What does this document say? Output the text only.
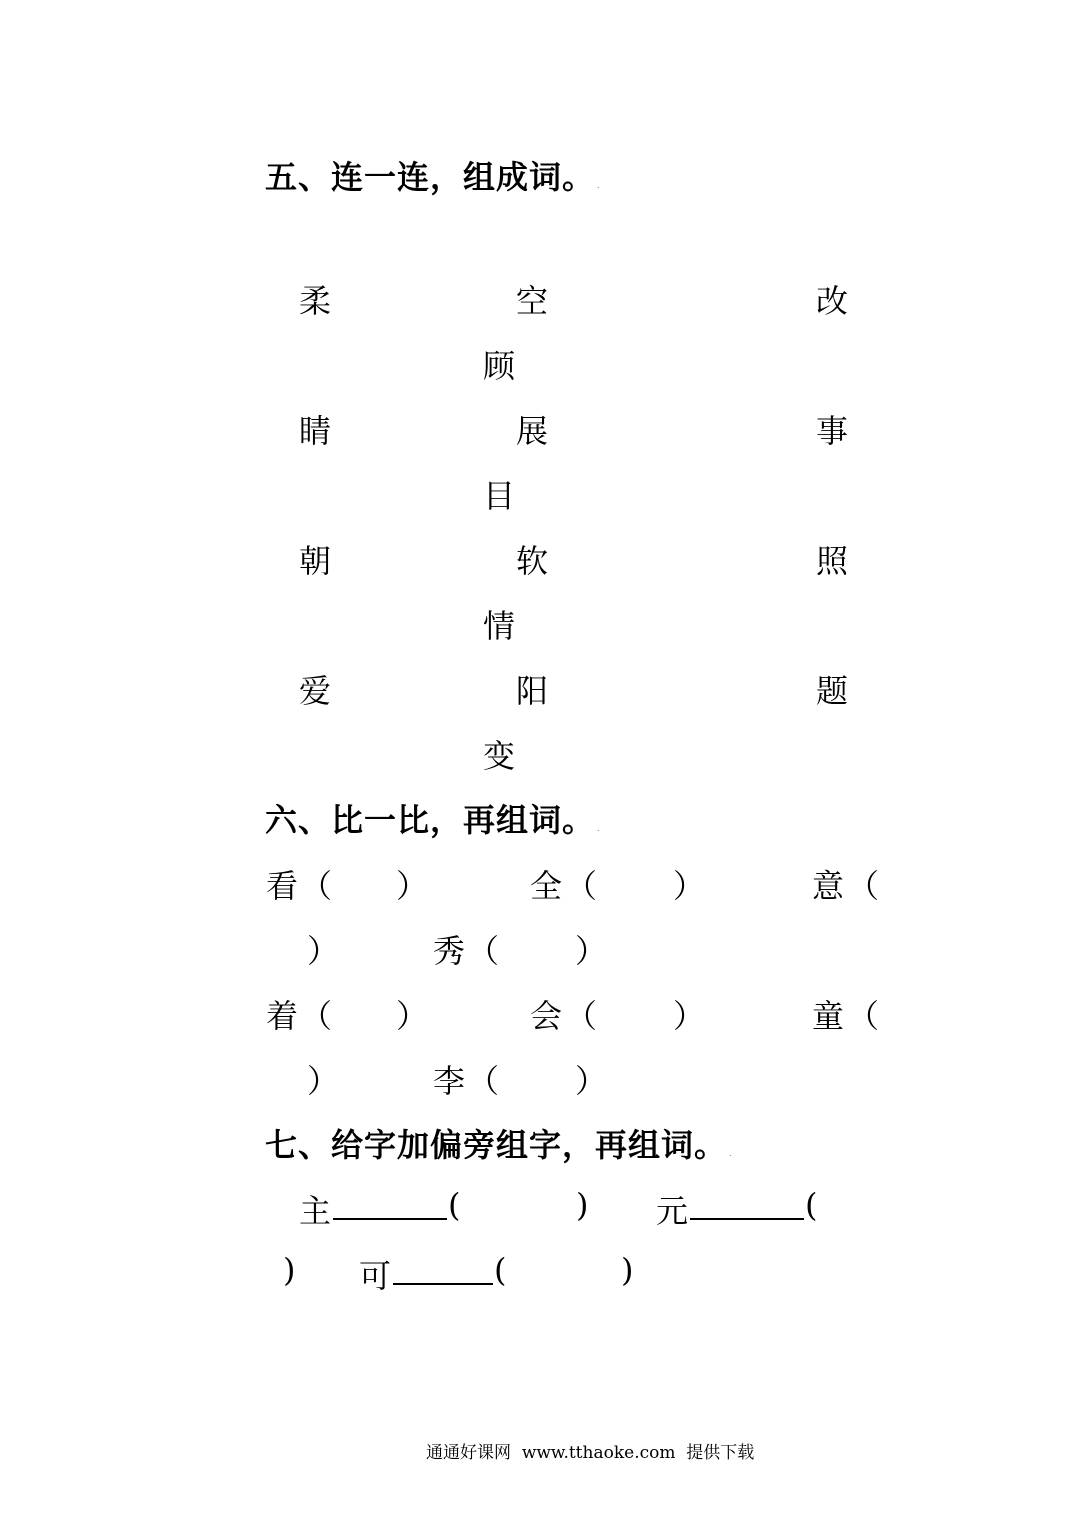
五、连一连，组成词。 .
柔	空	改
顾
睛	展	事
目
朝	软	照
情
爱	阳	题
变
六、比一比，再组词。 .
看 （ ）	全 （ ）	意 （
）	秀 （ ）
着 （ ）	会 （ ）	童 （
）	李 （ ）
七、给字加偏旁组字，再组词。 .
主	(	) 元	(
) 可	(	)
通通好课网 www.tthaoke.com 提供下载
